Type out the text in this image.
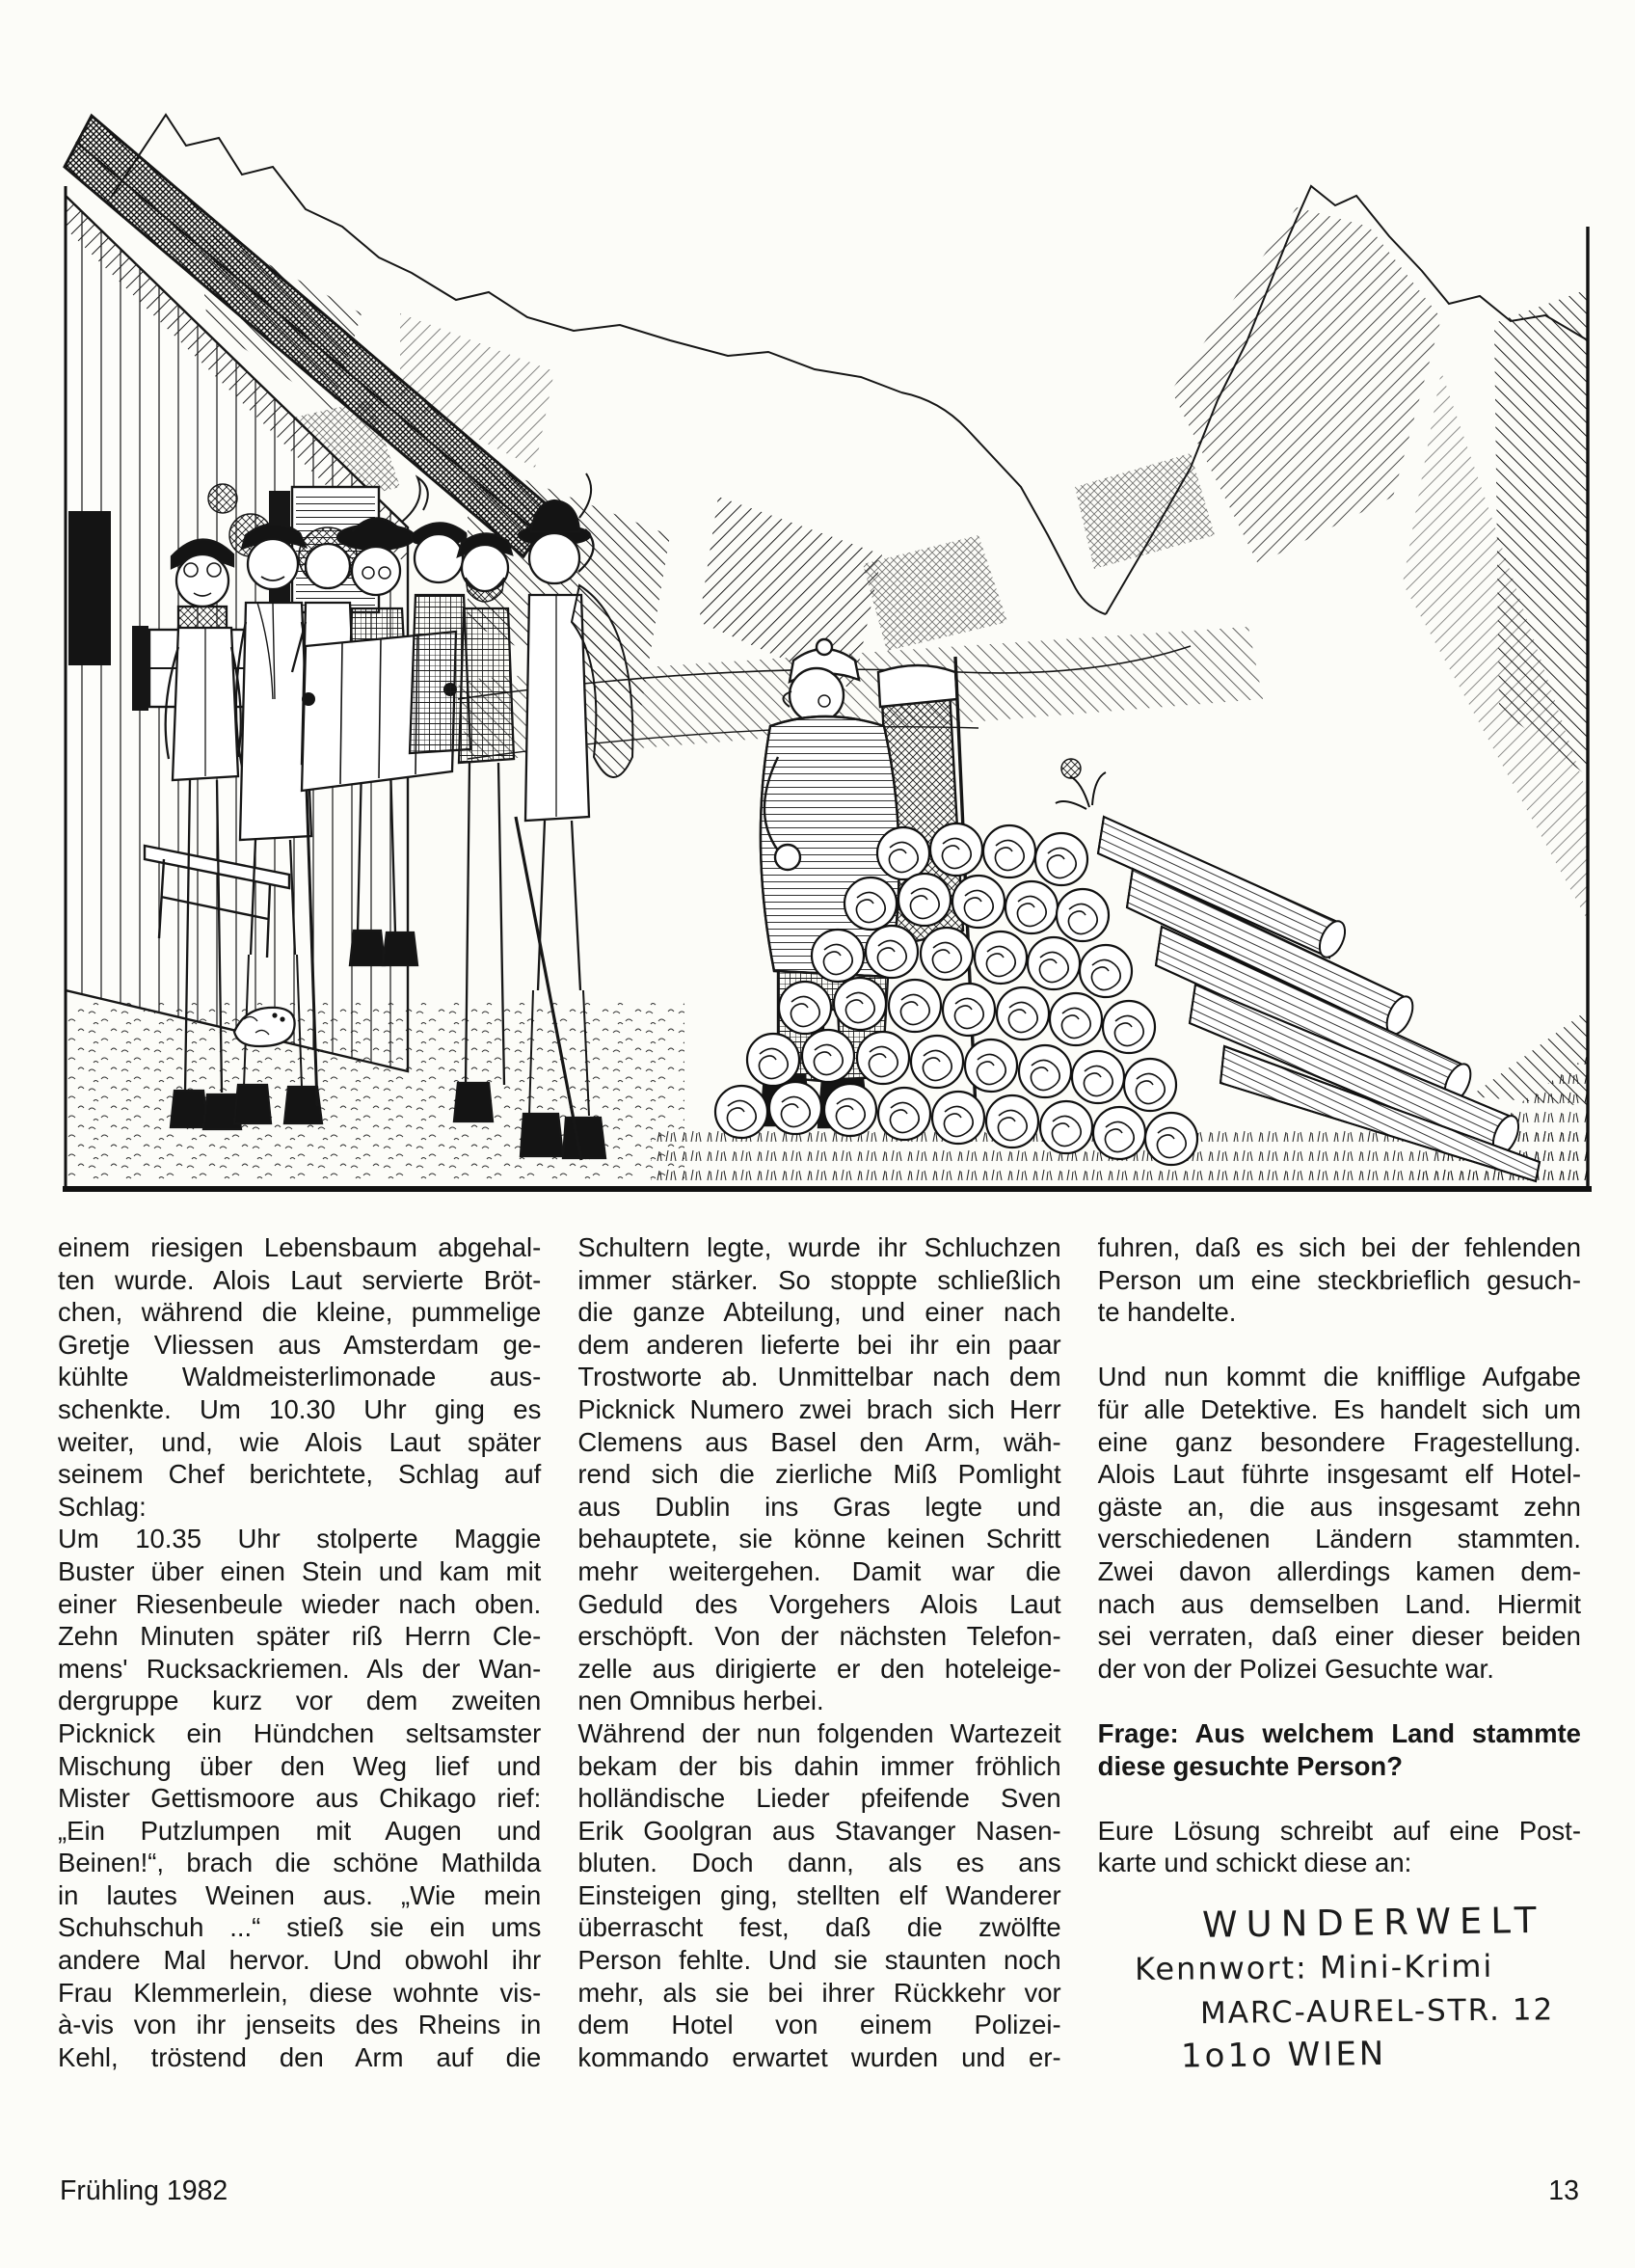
einem riesigen Lebensbaum abgehal-
ten wurde. Alois Laut servierte Bröt-
chen, während die kleine, pummelige
Gretje Vliessen aus Amsterdam ge-
kühlte Waldmeisterlimonade aus-
schenkte. Um 10.30 Uhr ging es
weiter, und, wie Alois Laut später
seinem Chef berichtete, Schlag auf
Schlag:
Um 10.35 Uhr stolperte Maggie
Buster über einen Stein und kam mit
einer Riesenbeule wieder nach oben.
Zehn Minuten später riß Herrn Cle-
mens' Rucksackriemen. Als der Wan-
dergruppe kurz vor dem zweiten
Picknick ein Hündchen seltsamster
Mischung über den Weg lief und
Mister Gettismoore aus Chikago rief:
„Ein Putzlumpen mit Augen und
Beinen!“, brach die schöne Mathilda
in lautes Weinen aus. „Wie mein
Schuhschuh ...“ stieß sie ein ums
andere Mal hervor. Und obwohl ihr
Frau Klemmerlein, diese wohnte vis-
à-vis von ihr jenseits des Rheins in
Kehl, tröstend den Arm auf die
Schultern legte, wurde ihr Schluchzen
immer stärker. So stoppte schließlich
die ganze Abteilung, und einer nach
dem anderen lieferte bei ihr ein paar
Trostworte ab. Unmittelbar nach dem
Picknick Numero zwei brach sich Herr
Clemens aus Basel den Arm, wäh-
rend sich die zierliche Miß Pomlight
aus Dublin ins Gras legte und
behauptete, sie könne keinen Schritt
mehr weitergehen. Damit war die
Geduld des Vorgehers Alois Laut
erschöpft. Von der nächsten Telefon-
zelle aus dirigierte er den hoteleige-
nen Omnibus herbei.
Während der nun folgenden Wartezeit
bekam der bis dahin immer fröhlich
holländische Lieder pfeifende Sven
Erik Goolgran aus Stavanger Nasen-
bluten. Doch dann, als es ans
Einsteigen ging, stellten elf Wanderer
überrascht fest, daß die zwölfte
Person fehlte. Und sie staunten noch
mehr, als sie bei ihrer Rückkehr vor
dem Hotel von einem Polizei-
kommando erwartet wurden und er-
fuhren, daß es sich bei der fehlenden
Person um eine steckbrieflich gesuch-
te handelte.
Und nun kommt die knifflige Aufgabe
für alle Detektive. Es handelt sich um
eine ganz besondere Fragestellung.
Alois Laut führte insgesamt elf Hotel-
gäste an, die aus insgesamt zehn
verschiedenen Ländern stammten.
Zwei davon allerdings kamen dem-
nach aus demselben Land. Hiermit
sei verraten, daß einer dieser beiden
der von der Polizei Gesuchte war.
Frage: Aus welchem Land stammte
diese gesuchte Person?
Eure Lösung schreibt auf eine Post-
karte und schickt diese an:
WUNDERWELT
Kennwort: Mini-Krimi
MARC-AUREL-STR. 12
1o1o WIEN
Frühling 1982	13
